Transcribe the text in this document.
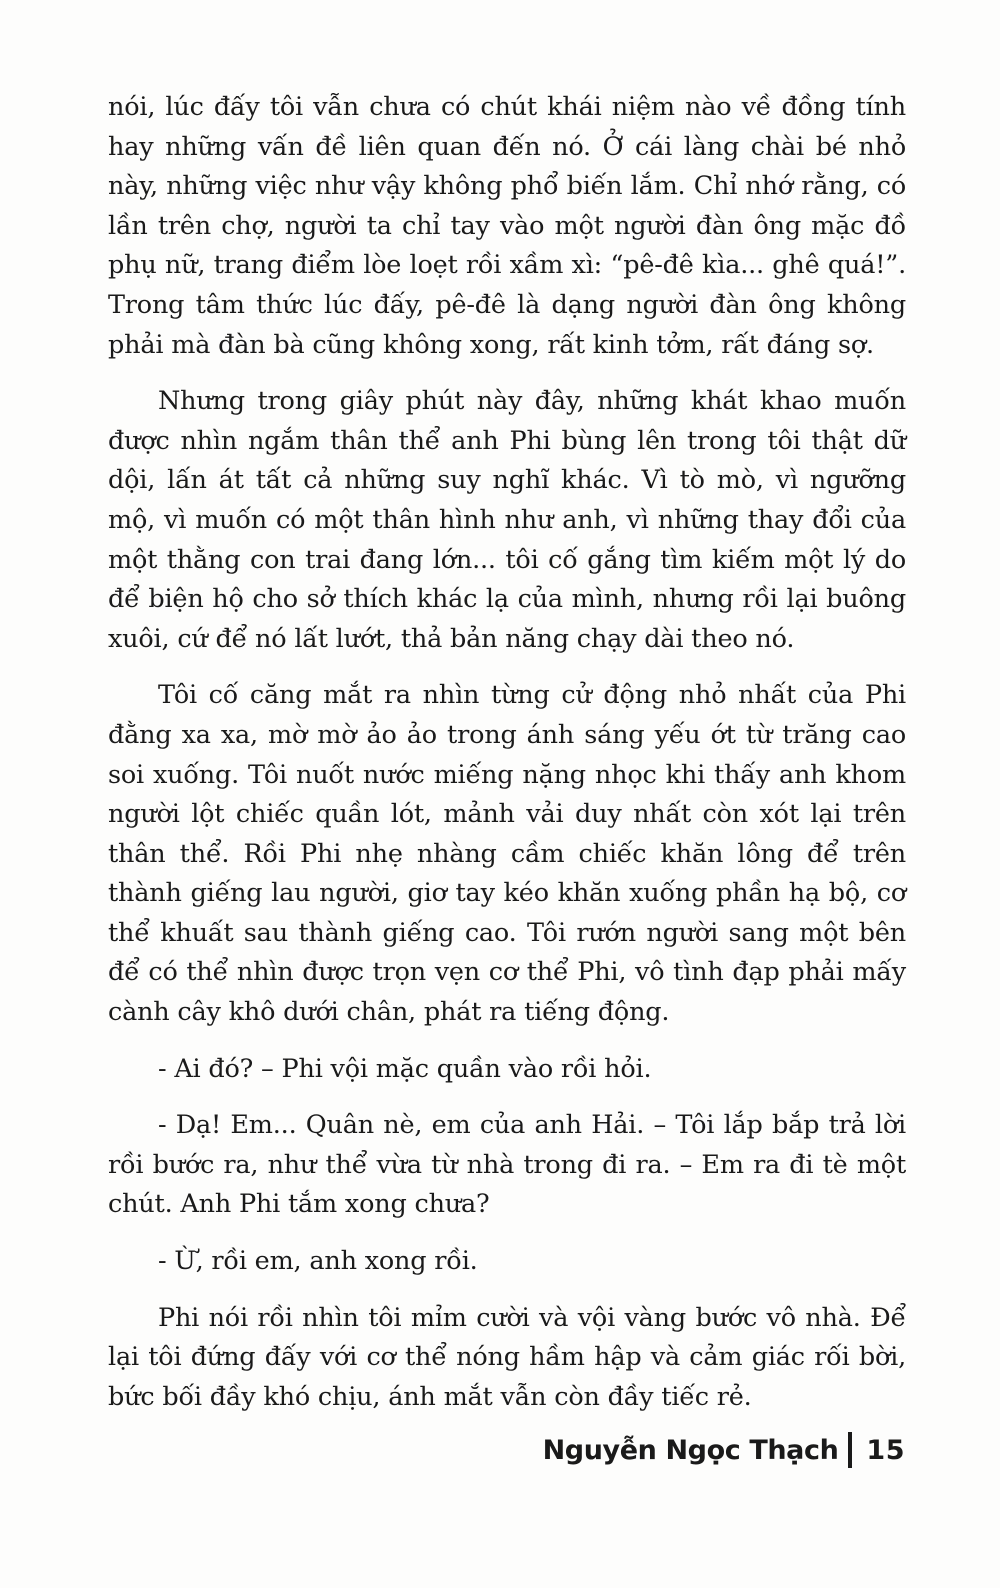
nói, lúc đấy tôi vẫn chưa có chút khái niệm nào về đồng tính hay những vấn đề liên quan đến nó. Ở cái làng chài bé nhỏ này, những việc như vậy không phổ biến lắm. Chỉ nhớ rằng, có lần trên chợ, người ta chỉ tay vào một người đàn ông mặc đồ phụ nữ, trang điểm lòe loẹt rồi xầm xì: “pê-đê kìa... ghê quá!”. Trong tâm thức lúc đấy, pê-đê là dạng người đàn ông không phải mà đàn bà cũng không xong, rất kinh tởm, rất đáng sợ.

Nhưng trong giây phút này đây, những khát khao muốn được nhìn ngắm thân thể anh Phi bùng lên trong tôi thật dữ dội, lấn át tất cả những suy nghĩ khác. Vì tò mò, vì ngưỡng mộ, vì muốn có một thân hình như anh, vì những thay đổi của một thằng con trai đang lớn... tôi cố gắng tìm kiếm một lý do để biện hộ cho sở thích khác lạ của mình, nhưng rồi lại buông xuôi, cứ để nó lất lướt, thả bản năng chạy dài theo nó.

Tôi cố căng mắt ra nhìn từng cử động nhỏ nhất của Phi đằng xa xa, mờ mờ ảo ảo trong ánh sáng yếu ớt từ trăng cao soi xuống. Tôi nuốt nước miếng nặng nhọc khi thấy anh khom người lột chiếc quần lót, mảnh vải duy nhất còn xót lại trên thân thể. Rồi Phi nhẹ nhàng cầm chiếc khăn lông để trên thành giếng lau người, giơ tay kéo khăn xuống phần hạ bộ, cơ thể khuất sau thành giếng cao. Tôi rướn người sang một bên để có thể nhìn được trọn vẹn cơ thể Phi, vô tình đạp phải mấy cành cây khô dưới chân, phát ra tiếng động.

- Ai đó? – Phi vội mặc quần vào rồi hỏi.

- Dạ! Em... Quân nè, em của anh Hải. – Tôi lắp bắp trả lời rồi bước ra, như thể vừa từ nhà trong đi ra. – Em ra đi tè một chút. Anh Phi tắm xong chưa?

- Ừ, rồi em, anh xong rồi.

Phi nói rồi nhìn tôi mỉm cười và vội vàng bước vô nhà. Để lại tôi đứng đấy với cơ thể nóng hầm hập và cảm giác rối bời, bức bối đầy khó chịu, ánh mắt vẫn còn đầy tiếc rẻ.

Nguyễn Ngọc Thạch 15
